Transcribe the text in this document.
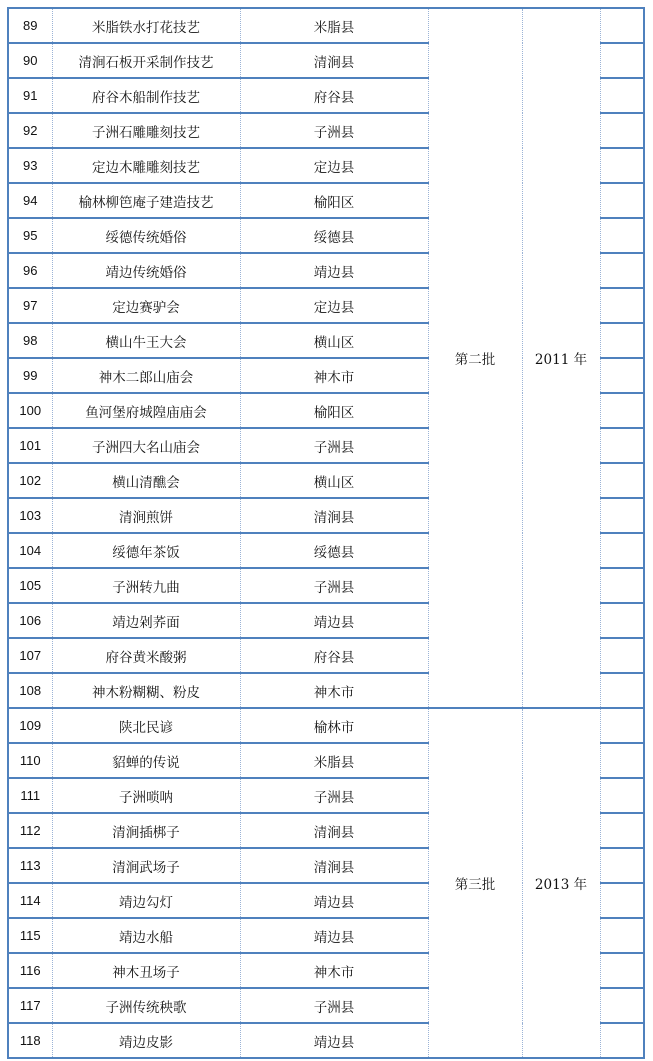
89	米脂铁水打花技艺	米脂县	第二批	2011 年	
90	清涧石板开采制作技艺	清涧县			
91	府谷木船制作技艺	府谷县			
92	子洲石雕雕刻技艺	子洲县			
93	定边木雕雕刻技艺	定边县			
94	榆林柳笆庵子建造技艺	榆阳区			
95	绥德传统婚俗	绥德县			
96	靖边传统婚俗	靖边县			
97	定边赛驴会	定边县			
98	横山牛王大会	横山区			
99	神木二郎山庙会	神木市			
100	鱼河堡府城隍庙庙会	榆阳区			
101	子洲四大名山庙会	子洲县			
102	横山清醮会	横山区			
103	清涧煎饼	清涧县			
104	绥德年茶饭	绥德县			
105	子洲转九曲	子洲县			
106	靖边剁荞面	靖边县			
107	府谷黄米酸粥	府谷县			
108	神木粉糊糊、粉皮	神木市			
109	陕北民谚	榆林市	第三批	2013 年	
110	貂蝉的传说	米脂县			
111	子洲唢呐	子洲县			
112	清涧插梆子	清涧县			
113	清涧武场子	清涧县			
114	靖边勾灯	靖边县			
115	靖边水船	靖边县			
116	神木丑场子	神木市			
117	子洲传统秧歌	子洲县			
118	靖边皮影	靖边县			
